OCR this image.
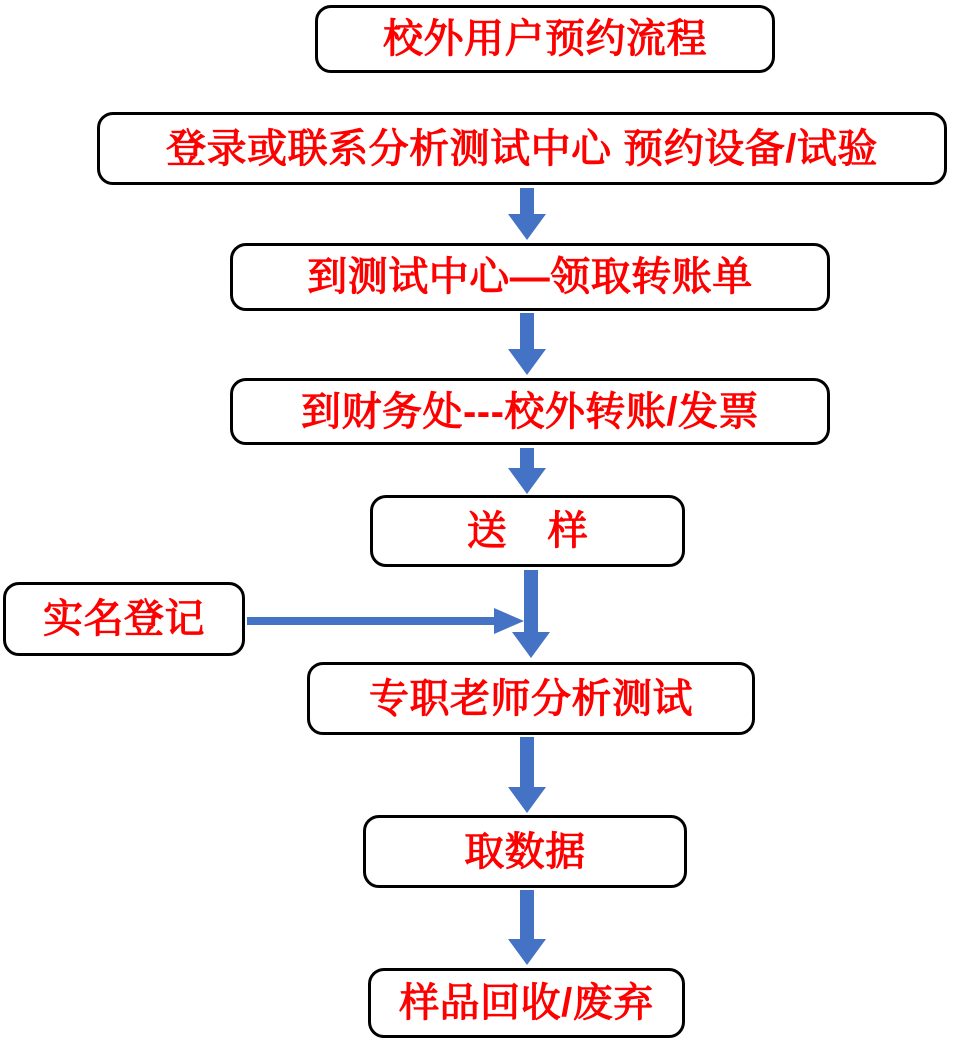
校外用户预约流程
登录或联系分析测试中心 预约设备/试验
到测试中心—领取转账单
到财务处---校外转账/发票
送　样
实名登记
专职老师分析测试
取数据
样品回收/废弃
